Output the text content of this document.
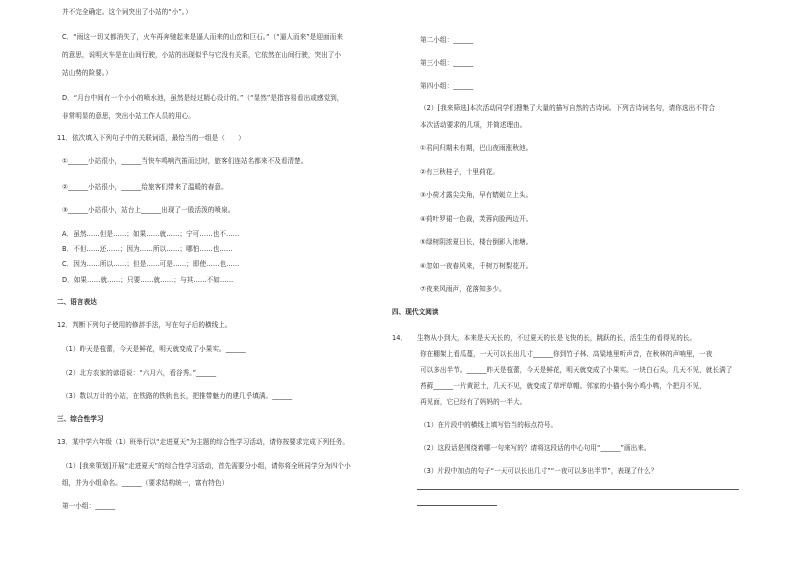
并不完全确定。这个词突出了小站的“小”。）
C．“雨这一切又都消失了，火车再奔驰起来是逼人而来的山峦和巨石。”（“逼人而来”是迎面而来
的意思，说明火车是在山间行驶，小站的出现似乎与它没有关系，它依然在山间行驶，突出了小
站山势的险要。）
D．“月台中间有一个小小的喷水池，虽然是经过精心设计的。”（“显然”是指容易看出或感觉到，
非常明显的意思，突出小站工作人员的用心。
11．依次填入下列句子中的关联词语，最恰当的一组是（　　）
①______小站很小，______当快车鸣响汽笛而过时，旅客们连站名都来不及看清楚。
②______小站很小，______给旅客们带来了温暖的春意。
③______小站很小，站台上______出现了一股活泼的喷泉。
A．虽然……但是……；如果……就……；宁可……也不……
B．不但……还……；因为……所以……；哪怕……也……
C．因为……所以……；但是……可是……；即使……也……
D．如果……就……；只要……就……；与其……不如……
二、语言表达
12．判断下列句子使用的修辞手法，写在句子后的横线上。
（1）昨天是苞蕾，今天是鲜花，明天就变成了小果实。______
（2）北方农家的谚语说：“六月六，看谷秀。”______
（3）数以万计的小站，在铁路的铁轨也长，把推带魅力的建几乎填满。______
三、综合性学习
13．某中学六年级（1）班举行以“走进夏天”为主题的综合性学习活动，请你按要求完成下列任务。
（1）[我来策划]开展“走进夏天”的综合性学习活动，首先需要分小组，请你将全班同学分为四个小
组，并为小组命名。______（要求结构统一，富有特色）
第一小组：______
第二小组：______
第三小组：______
第四小组：______
（2）[我来筛选]本次活动同学们搜集了大量的描写自然的古诗词。下列古诗词名句，请你选出不符合
本次活动要求的几项，并简述理由。
①君问归期未有期，巴山夜雨涨秋池。
②有三秋桂子，十里荷花。
③小荷才露尖尖角，早有蜻蜓立上头。
④荷叶罗裙一色裁，芙蓉向脸两边开。
⑤绿树阴浓夏日长，楼台倒影入池塘。
⑥忽如一夜春风来，千树万树梨花开。
⑦夜来风雨声，花落知多少。
四、现代文阅读
14．　　生物从小到大，本来是天天长的，不过夏天的长是飞快的长，跳跃的长，活生生的看得见的长。
你在棚架上看瓜蔓，一天可以长出几寸______你到竹子林、高粱地里听声音，在秋林的声响里，一夜
可以多出半节。______昨天是苞蕾，今天是鲜花，明天就变成了小果实。一块白石头，几天不见，就长满了
苔藓______一片黄泥土，几天不见，就变成了草坪草帽。邻家的小猫小狗小鸡小鸭，个把月不见，
再见面，它已经有了妈妈的一半大。
（1）在片段中的横线上填写恰当的标点符号。
（2）这段话是围绕着哪一句来写的？请将这段话的中心句用“______”画出来。
（3）片段中加点的句子“一天可以长出几寸”“一夜可以多出半节”，表现了什么？
